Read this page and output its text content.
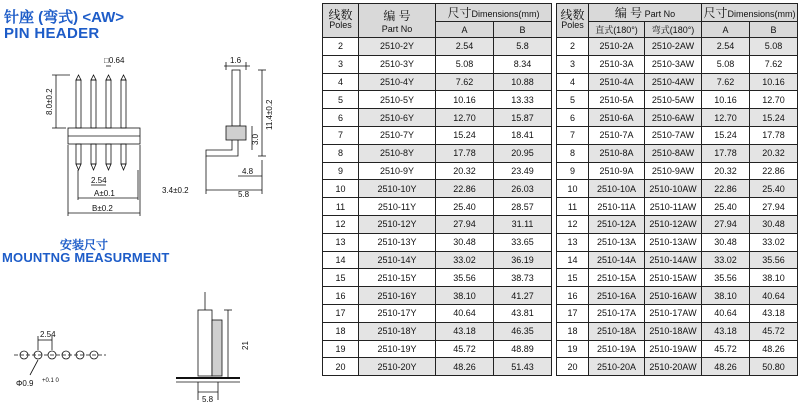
针座 (弯式) <AW>
PIN HEADER
安装尺寸
MOUNTNG MEASURMENT
□0.64
8.0±0.2
2.54
A±0.1
B±0.2
1.6
11.4±0.2
3.0
4.8
3.4±0.2	5.8
2.54
Φ0.9 +0.1 0
21
5.8
线数
Poles	编 号
Part No	尺寸Dimensions(mm)	
		A	B
2	2510-2Y	2.54	5.8
3	2510-3Y	5.08	8.34
4	2510-4Y	7.62	10.88
5	2510-5Y	10.16	13.33
6	2510-6Y	12.70	15.87
7	2510-7Y	15.24	18.41
8	2510-8Y	17.78	20.95
9	2510-9Y	20.32	23.49
10	2510-10Y	22.86	26.03
11	2510-11Y	25.40	28.57
12	2510-12Y	27.94	31.11
13	2510-13Y	30.48	33.65
14	2510-14Y	33.02	36.19
15	2510-15Y	35.56	38.73
16	2510-16Y	38.10	41.27
17	2510-17Y	40.64	43.81
18	2510-18Y	43.18	46.35
19	2510-19Y	45.72	48.89
20	2510-20Y	48.26	51.43
线数
Poles	编 号 Part No		尺寸Dimensions(mm)	
	直式(180°)	弯式(180°)	A	B
2	2510-2A	2510-2AW	2.54	5.08
3	2510-3A	2510-3AW	5.08	7.62
4	2510-4A	2510-4AW	7.62	10.16
5	2510-5A	2510-5AW	10.16	12.70
6	2510-6A	2510-6AW	12.70	15.24
7	2510-7A	2510-7AW	15.24	17.78
8	2510-8A	2510-8AW	17.78	20.32
9	2510-9A	2510-9AW	20.32	22.86
10	2510-10A	2510-10AW	22.86	25.40
11	2510-11A	2510-11AW	25.40	27.94
12	2510-12A	2510-12AW	27.94	30.48
13	2510-13A	2510-13AW	30.48	33.02
14	2510-14A	2510-14AW	33.02	35.56
15	2510-15A	2510-15AW	35.56	38.10
16	2510-16A	2510-16AW	38.10	40.64
17	2510-17A	2510-17AW	40.64	43.18
18	2510-18A	2510-18AW	43.18	45.72
19	2510-19A	2510-19AW	45.72	48.26
20	2510-20A	2510-20AW	48.26	50.80
